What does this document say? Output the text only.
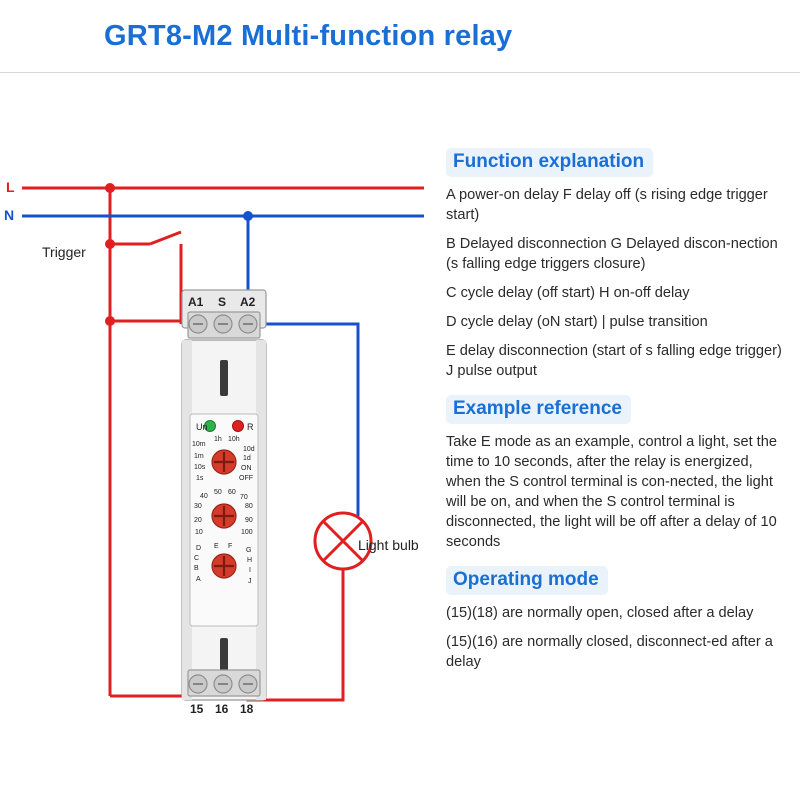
GRT8-M2 Multi-function relay
Function explanation

A power-on delay F delay off (s rising edge trigger start)

B Delayed disconnection G Delayed discon-nection (s falling edge triggers closure)

C cycle delay (off start) H on-off delay

D cycle delay (oN start) | pulse transition

E delay disconnection (start of s falling edge trigger) J pulse output

Example reference

Take E mode as an example, control a light, set the time to 10 seconds, after the relay is energized, when the S control terminal is con-nected, the light will be on, and when the S control terminal is disconnected, the light will be off after a delay of 10 seconds

Operating mode

(15)(18) are normally open, closed after a delay

(15)(16) are normally closed, disconnect-ed after a delay

Un	R
10m
1m
10s
1s
1h 10h
10d
1d
ON
OFF
40
50 60
70
30	80
20	90
10	100
D
C
B
A
E F
G
H
I
J
L
N
Trigger
Light bulb
A1 S A2
15 16 18
